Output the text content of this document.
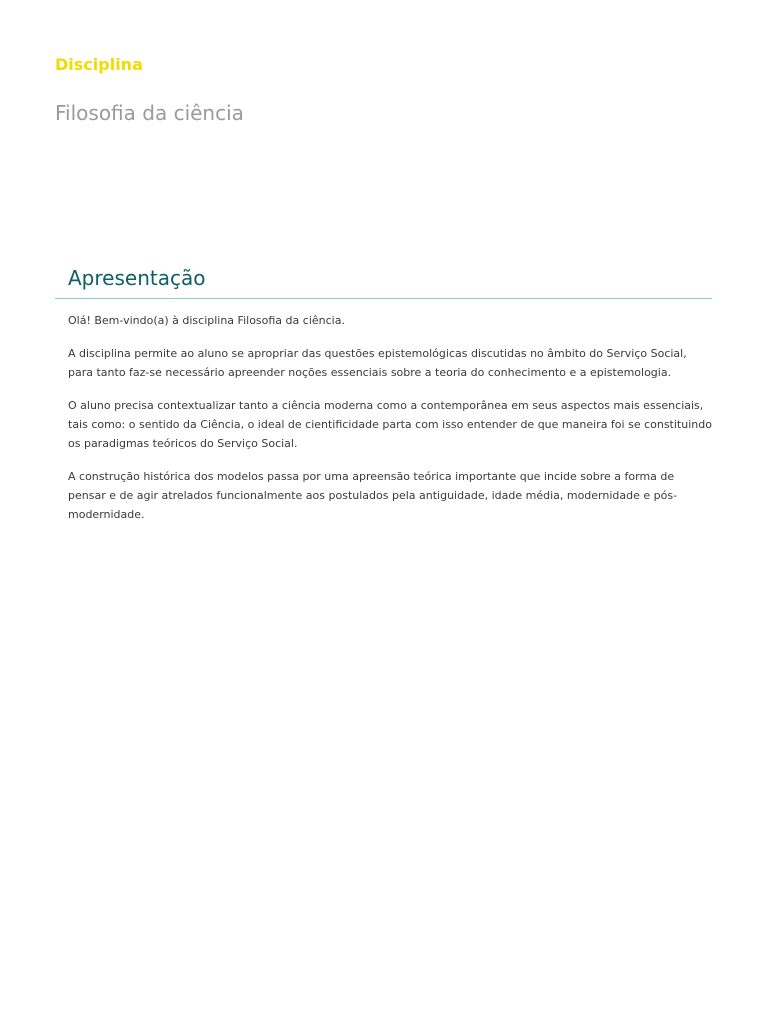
Disciplina
Filosofia da ciência
Apresentação

Olá! Bem-vindo(a) à disciplina Filosofia da ciência.

A disciplina permite ao aluno se apropriar das questões epistemológicas discutidas no âmbito do Serviço Social, para tanto faz-se necessário apreender noções essenciais sobre a teoria do conhecimento e a epistemologia.

O aluno precisa contextualizar tanto a ciência moderna como a contemporânea em seus aspectos mais essenciais, tais como: o sentido da Ciência, o ideal de cientificidade parta com isso entender de que maneira foi se constituindo os paradigmas teóricos do Serviço Social.

A construção histórica dos modelos passa por uma apreensão teórica importante que incide sobre a forma de pensar e de agir atrelados funcionalmente aos postulados pela antiguidade, idade média, modernidade e pós-modernidade.
